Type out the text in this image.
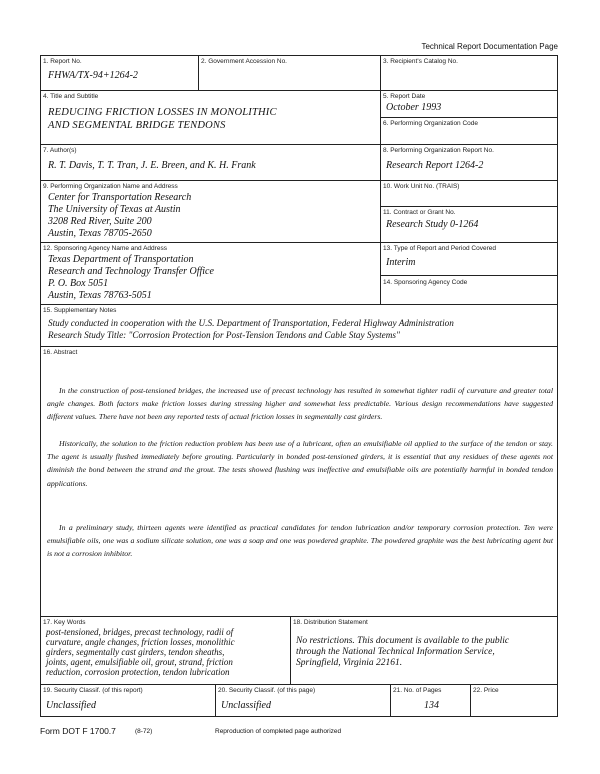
Technical Report Documentation Page
1. Report No.
FHWA/TX-94+1264-2
2. Government Accession No.	3. Recipient's Catalog No.
4. Title and Subtitle
REDUCING FRICTION LOSSES IN MONOLITHIC
AND SEGMENTAL BRIDGE TENDONS
5. Report Date
October 1993
6. Performing Organization Code
7. Author(s)
R. T. Davis, T. T. Tran, J. E. Breen, and K. H. Frank
8. Performing Organization Report No.
Research Report 1264-2
9. Performing Organization Name and Address
Center for Transportation Research
The University of Texas at Austin
3208 Red River, Suite 200
Austin, Texas 78705-2650
10. Work Unit No. (TRAIS)
11. Contract or Grant No.
Research Study 0-1264
12. Sponsoring Agency Name and Address
Texas Department of Transportation
Research and Technology Transfer Office
P. O. Box 5051
Austin, Texas 78763-5051
13. Type of Report and Period Covered
Interim
14. Sponsoring Agency Code
15. Supplementary Notes
Study conducted in cooperation with the U.S. Department of Transportation, Federal Highway Administration
Research Study Title: "Corrosion Protection for Post-Tension Tendons and Cable Stay Systems"
16. Abstract

In the construction of post-tensioned bridges, the increased use of precast technology has resulted in somewhat tighter radii of curvature and greater total angle changes. Both factors make friction losses during stressing higher and somewhat less predictable. Various design recommendations have suggested different values. There have not been any reported tests of actual friction losses in segmentally cast girders.

Historically, the solution to the friction reduction problem has been use of a lubricant, often an emulsifiable oil applied to the surface of the tendon or stay. The agent is usually flushed immediately before grouting. Particularly in bonded post-tensioned girders, it is essential that any residues of these agents not diminish the bond between the strand and the grout. The tests showed flushing was ineffective and emulsifiable oils are potentially harmful in bonded tendon applications.

In a preliminary study, thirteen agents were identified as practical candidates for tendon lubrication and/or temporary corrosion protection. Ten were emulsifiable oils, one was a sodium silicate solution, one was a soap and one was powdered graphite. The powdered graphite was the best lubricating agent but is not a corrosion inhibitor.

17. Key Words
post-tensioned, bridges, precast technology, radii of
curvature, angle changes, friction losses, monolithic
girders, segmentally cast girders, tendon sheaths,
joints, agent, emulsifiable oil, grout, strand, friction
reduction, corrosion protection, tendon lubrication
18. Distribution Statement
No restrictions. This document is available to the public
through the National Technical Information Service,
Springfield, Virginia 22161.
19. Security Classif. (of this report)
Unclassified
20. Security Classif. (of this page)
Unclassified
21. No. of Pages
134
22. Price
Form DOT F 1700.7	(8-72)	Reproduction of completed page authorized
